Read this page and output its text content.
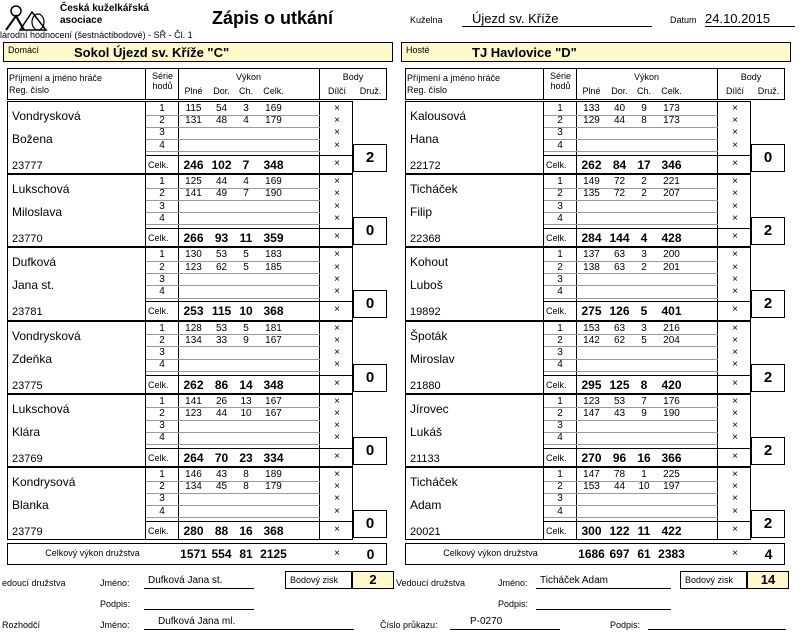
Česká kuželkářská
asociace	Zápis o utkání	Kuželna	Újezd sv. Kříže	Datum 24.10.2015
lárodní hodnocení (šestnáctibodové) - SŘ - Čl. 1
Domácí	Sokol Újezd sv. Kříže "C"
Příjmení a jméno hráče
Reg. číslo
Série hodů
Výkon	Body
Plné	Dor.	Ch.	Celk.	Dílčí	Druž.
Vondrysková
Božena
23777
1	115	54	3	169	×
2	131	48	4	179	×
3	×
4	×
Celk. 246 102 7	348	×	2
Lukschová
Miloslava
23770
1	125	44	4	169	×
2	141	49	7	190	×
3	×
4	×
Celk. 266 93 11 359	×	0
Dufková
Jana st.
23781
1	130	53	5	183	×
2	123	62	5	185	×
3	×
4	×
Celk. 253 115 10 368	×	0
Vondrysková
Zdeňka
23775
1	128	53	5	181	×
2	134	33	9	167	×
3	×
4	×
Celk. 262 86 14 348	×	0
Lukschová
Klára
23769
1	141	26	13	167	×
2	123	44	10	167	×
3	×
4	×
Celk. 264 70 23 334	×	0
Kondrysová
Blanka
23779
1	146	43	8	189	×
2	134	45	8	179	×
3	×
4	×
Celk. 280 88 16 368	×	0
Celkový výkon družstva	1571 554 81 2125	×	0
Bodový zisk	2
edoucí družstva	Jméno:	Dufková Jana st.
Podpis:
Hosté	TJ Havlovice "D"
Příjmení a jméno hráče
Reg. číslo
Série hodů
Výkon	Body
Plné	Dor.	Ch.	Celk.	Dílčí	Druž.
Kalousová
Hana
22172
1	133	40	9	173	×
2	129	44	8	173	×
3	×
4	×
Celk. 262 84 17 346	×	0
Ticháček
Filip
22368
1	149	72	2	221	×
2	135	72	2	207	×
3	×
4	×
Celk. 284 144 4	428	×	2
Kohout
Luboš
19892
1	137	63	3	200	×
2	138	63	2	201	×
3	×
4	×
Celk. 275 126 5	401	×	2
Špoták
Miroslav
21880
1	153	63	3	216	×
2	142	62	5	204	×
3	×
4	×
Celk. 295 125 8	420	×	2
Jírovec
Lukáš
21133
1	123	53	7	176	×
2	147	43	9	190	×
3	×
4	×
Celk. 270 96 16 366	×	2
Ticháček
Adam
20021
1	147	78	1	225	×
2	153	44	10	197	×
3	×
4	×
Celk. 300 122 11 422	×	2
Celkový výkon družstva	1686 697 61 2383	×	4
Bodový zisk	14
Vedoucí družstva	Jméno:	Ticháček Adam
Podpis:
Rozhodčí	Jméno:	Dufková Jana ml.	Číslo průkazu:	P-0270	Podpis:
